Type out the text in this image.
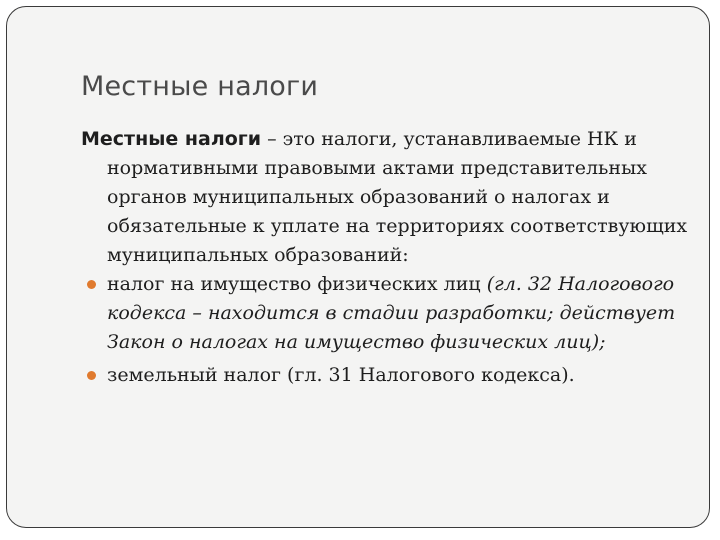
Местные налоги

Местные налоги – это налоги, устанавливаемые НК и нормативными правовыми актами представительных органов муниципальных образований о налогах и обязательные к уплате на территориях соответствующих муниципальных образований:

налог на имущество физических лиц (гл. 32 Налогового кодекса – находится в стадии разработки; действует Закон о налогах на имущество физических лиц);

земельный налог (гл. 31 Налогового кодекса).
